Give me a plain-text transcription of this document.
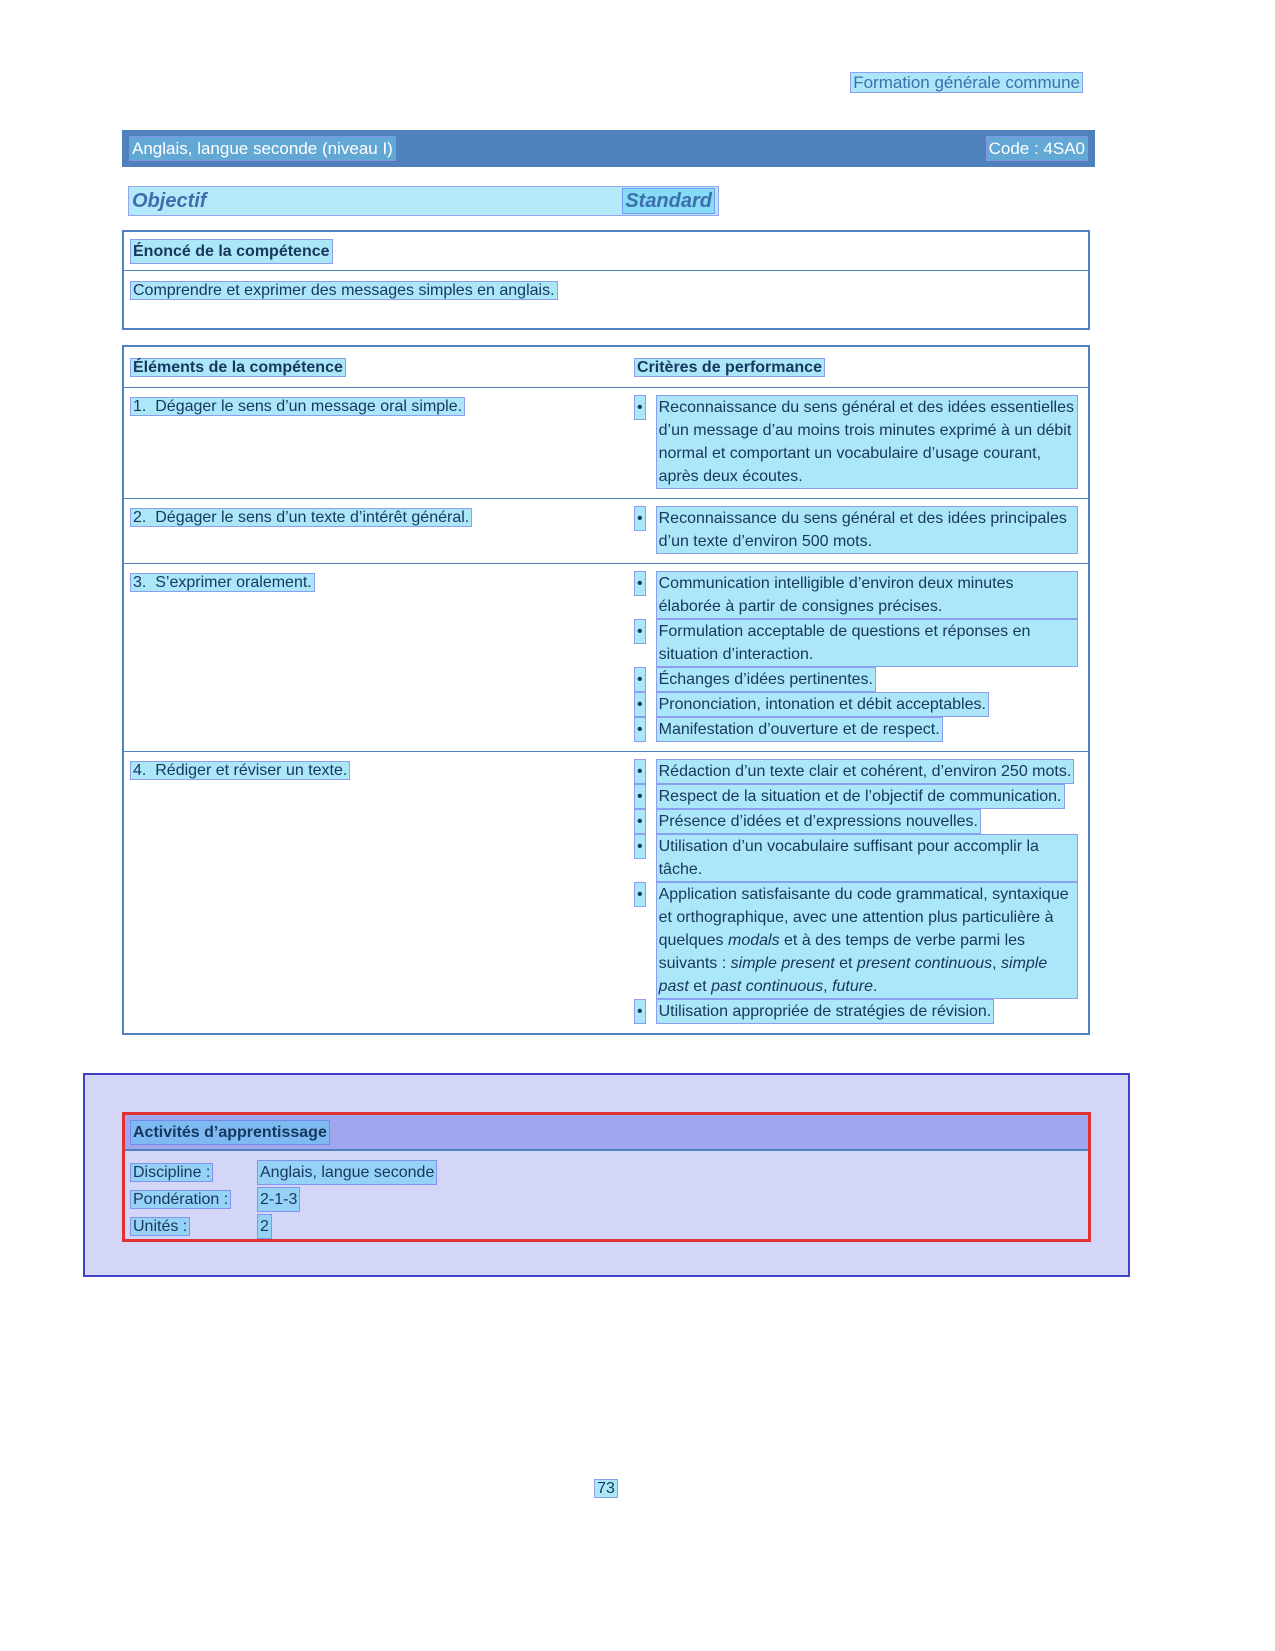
Formation générale commune
Anglais, langue seconde (niveau I)	Code : 4SA0
Objectif	Standard
Énoncé de la compétence
Comprendre et exprimer des messages simples en anglais.
Éléments de la compétence	Critères de performance
1.  Dégager le sens d’un message oral simple.	• Reconnaissance du sens général et des idées essentielles d’un message d’au moins trois minutes exprimé à un débit normal et comportant un vocabulaire d’usage courant, après deux écoutes.
2.  Dégager le sens d’un texte d’intérêt général.	• Reconnaissance du sens général et des idées principales d’un texte d’environ 500 mots.
3.  S’exprimer oralement.	• Communication intelligible d’environ deux minutes élaborée à partir de consignes précises.
• Formulation acceptable de questions et réponses en situation d’interaction.
• Échanges d’idées pertinentes.
• Prononciation, intonation et débit acceptables.
• Manifestation d’ouverture et de respect.
4.  Rédiger et réviser un texte.	• Rédaction d’un texte clair et cohérent, d’environ 250 mots.
• Respect de la situation et de l’objectif de communication.
• Présence d’idées et d’expressions nouvelles.
• Utilisation d’un vocabulaire suffisant pour accomplir la tâche.
• Application satisfaisante du code grammatical, syntaxique et orthographique, avec une attention plus particulière à quelques modals et à des temps de verbe parmi les suivants : simple present et present continuous, simple past et past continuous, future.
• Utilisation appropriée de stratégies de révision.
Activités d’apprentissage
Discipline :	Anglais, langue seconde
Pondération :	2-1-3
Unités :	2
73
